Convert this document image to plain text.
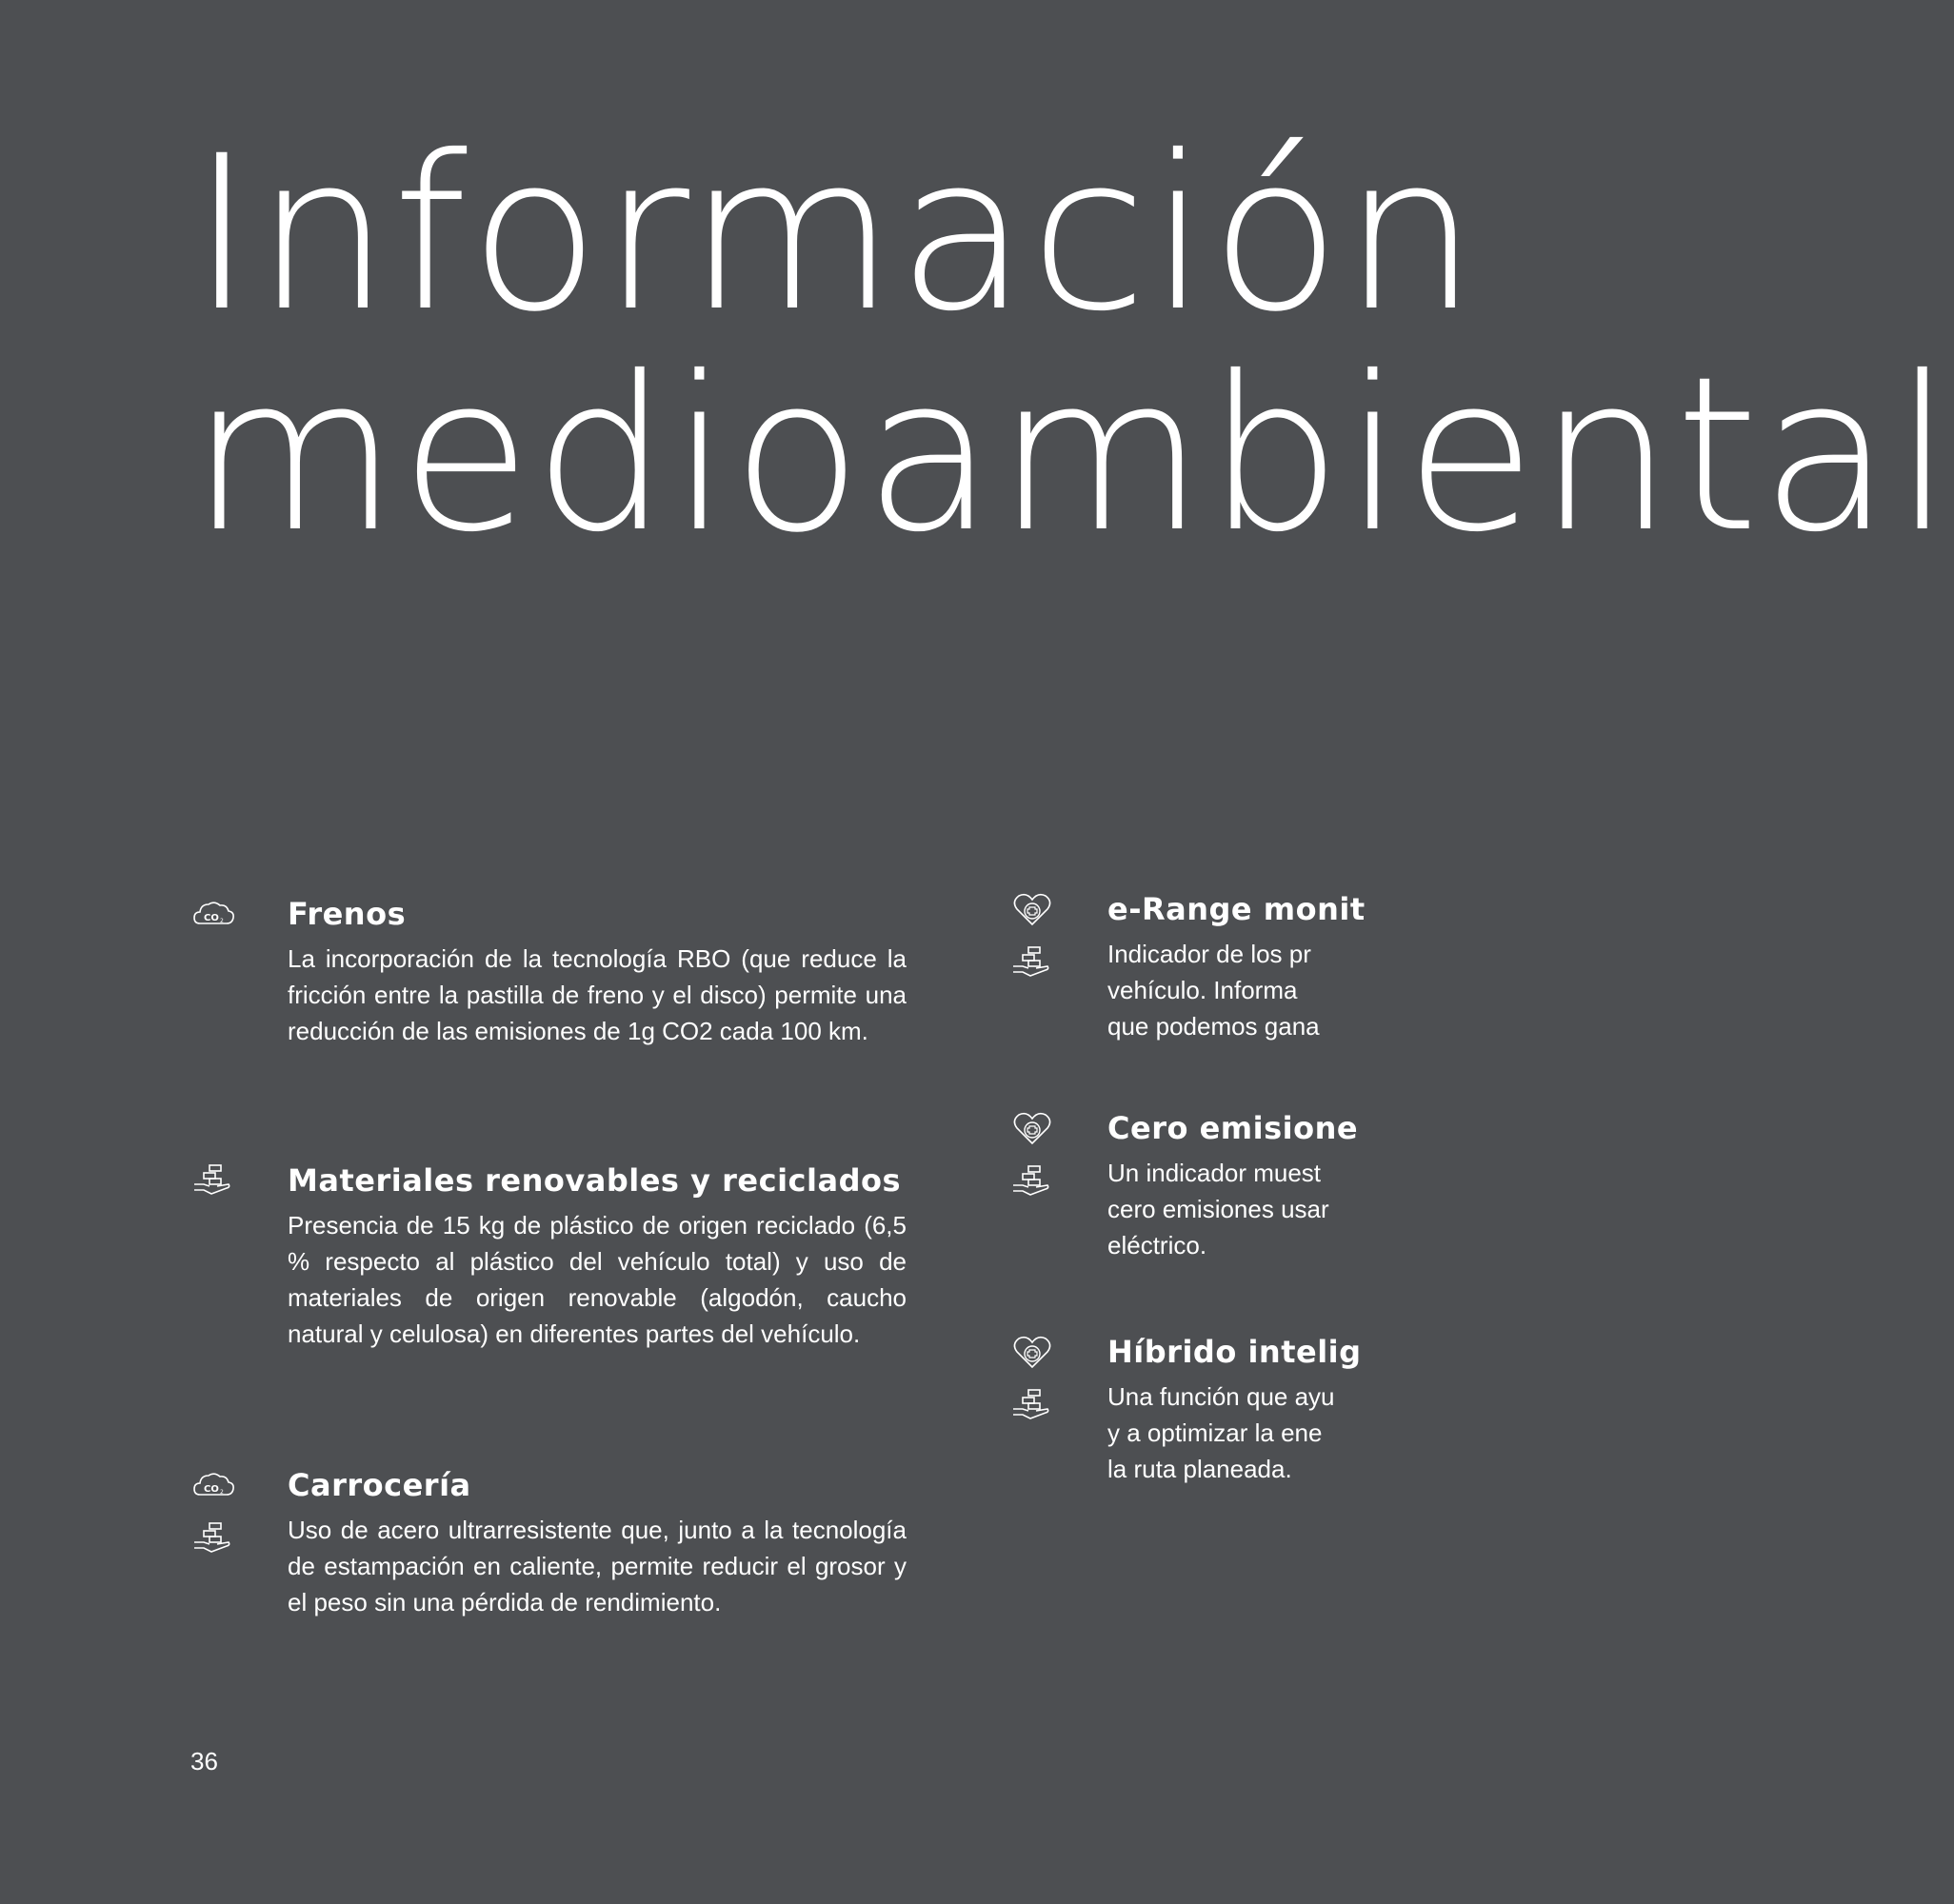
Información
medioambiental
CO 2 Frenos

La incorporación de la tecnología RBO (que reduce la fricción entre la pastilla de freno y el disco) permite una reducción de las emisiones de 1g CO2 cada 100 km.

Materiales renovables y reciclados

Presencia de 15 kg de plástico de origen reciclado (6,5 % respecto al plástico del vehículo total) y uso de materiales de origen renovable (algodón, caucho natural y celulosa) en diferentes partes del vehículo.

CO 2 Carrocería

Uso de acero ultrarresistente que, junto a la tecnología de estampación en caliente, permite reducir el grosor y el peso sin una pérdida de rendimiento.

e-Range monit

Indicador de los pr
vehículo. Informa
que podemos gana

Cero emisione

Un indicador muest
cero emisiones usar
eléctrico.

Híbrido intelig

Una función que ayu
y a optimizar la ene
la ruta planeada.

36
